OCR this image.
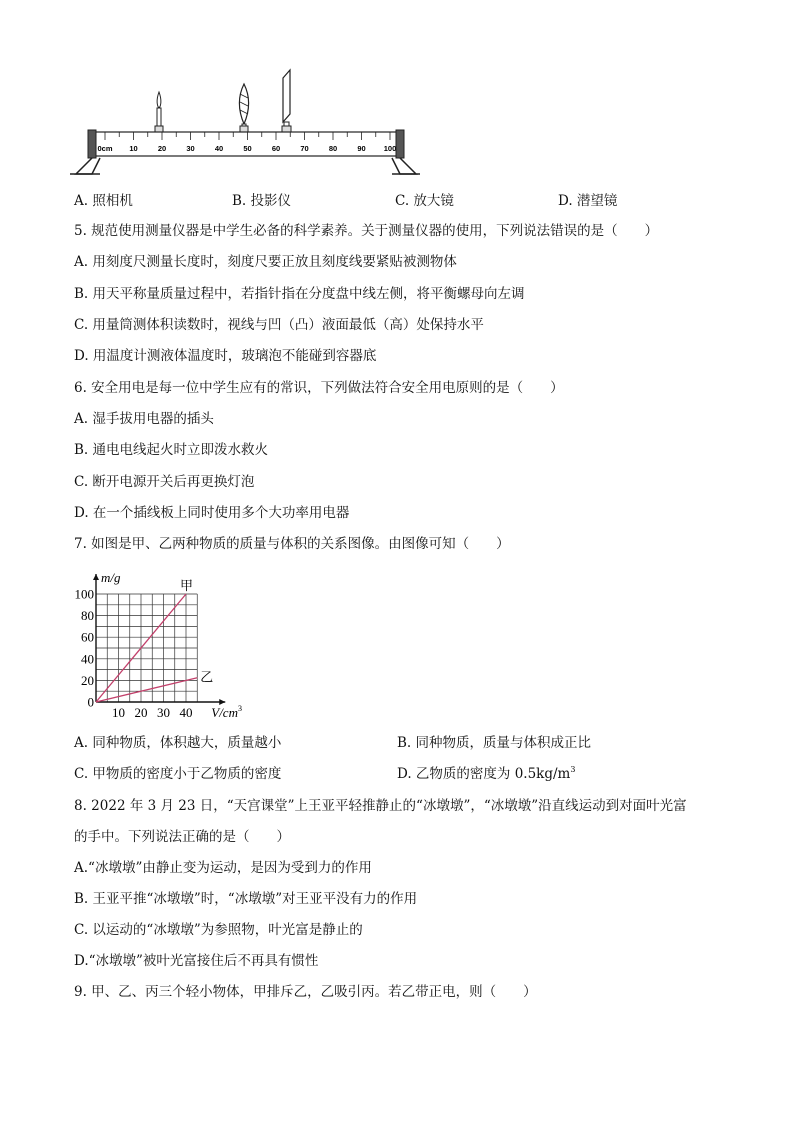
0cm 10	20	30	40	50	60	70	80	90 100
A. 照相机	B. 投影仪	C. 放大镜	D. 潜望镜
5. 规范使用测量仪器是中学生必备的科学素养。关于测量仪器的使用，下列说法错误的是（　　）
A. 用刻度尺测量长度时，刻度尺要正放且刻度线要紧贴被测物体
B. 用天平称量质量过程中，若指针指在分度盘中线左侧，将平衡螺母向左调
C. 用量筒测体积读数时，视线与凹（凸）液面最低（高）处保持水平
D. 用温度计测液体温度时，玻璃泡不能碰到容器底
6. 安全用电是每一位中学生应有的常识，下列做法符合安全用电原则的是（　　）
A. 湿手拔用电器的插头
B. 通电电线起火时立即泼水救火
C. 断开电源开关后再更换灯泡
D. 在一个插线板上同时使用多个大功率用电器
7. 如图是甲、乙两种物质的质量与体积的关系图像。由图像可知（　　）
0
20
40
60
80
100
10 20 30 40
m/g
$V/cm^3$
甲
乙
A. 同种物质，体积越大，质量越小	B. 同种物质，质量与体积成正比
C. 甲物质的密度小于乙物质的密度	D. 乙物质的密度为 $0.5kg/m^3$
8. 2022 年 3 月 23 日，“天宫课堂”上王亚平轻推静止的“冰墩墩”，“冰墩墩”沿直线运动到对面叶光富
的手中。下列说法正确的是（　　）
A.“冰墩墩”由静止变为运动，是因为受到力的作用
B. 王亚平推“冰墩墩”时，“冰墩墩”对王亚平没有力的作用
C. 以运动的“冰墩墩”为参照物，叶光富是静止的
D.“冰墩墩”被叶光富接住后不再具有惯性
9. 甲、乙、丙三个轻小物体，甲排斥乙，乙吸引丙。若乙带正电，则（　　）
